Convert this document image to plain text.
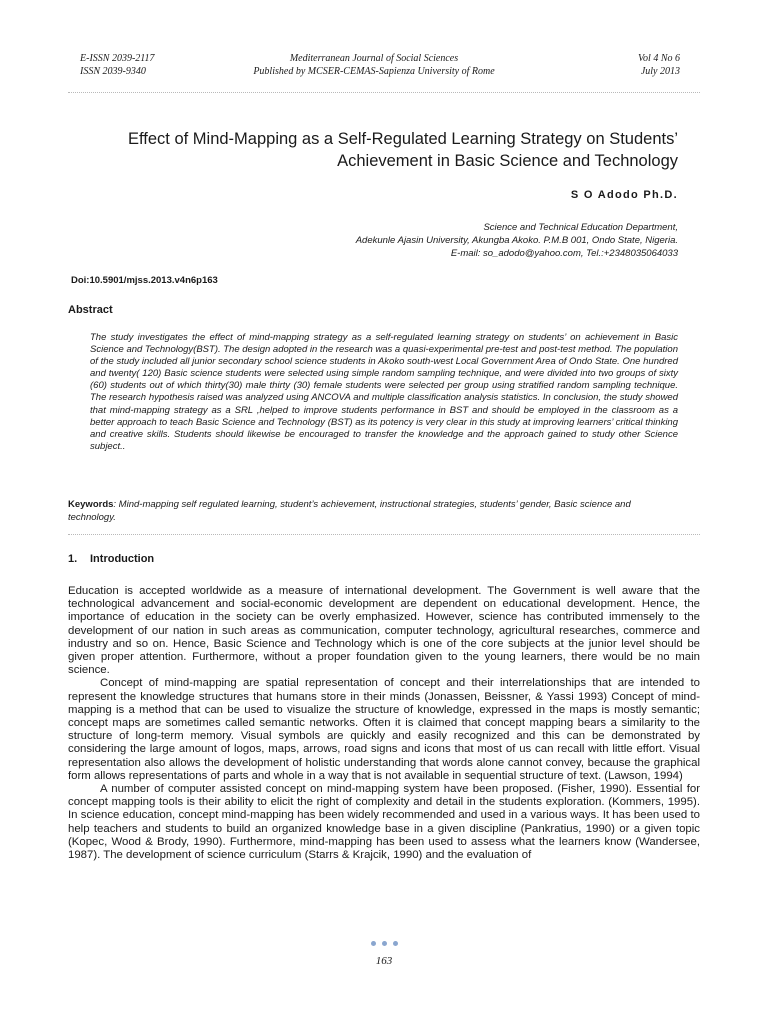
E-ISSN 2039-2117
ISSN 2039-9340
Mediterranean Journal of Social Sciences
Published by MCSER-CEMAS-Sapienza University of Rome
Vol 4 No 6
July 2013
Effect of Mind-Mapping as a Self-Regulated Learning Strategy on Students’
Achievement in Basic Science and Technology
S O Adodo Ph.D.
Science and Technical Education Department,
Adekunle Ajasin University, Akungba Akoko. P.M.B 001, Ondo State, Nigeria.
E-mail: so_adodo@yahoo.com, Tel.:+2348035064033
Doi:10.5901/mjss.2013.v4n6p163
Abstract
The study investigates the effect of mind-mapping strategy as a self-regulated learning strategy on students’ on achievement in Basic Science and Technology(BST). The design adopted in the research was a quasi-experimental pre-test and post-test method. The population of the study included all junior secondary school science students in Akoko south-west Local Government Area of Ondo State. One hundred and twenty( 120) Basic science students were selected using simple random sampling technique, and were divided into two groups of sixty (60) students out of which thirty(30) male thirty (30) female students were selected per group using stratified random sampling technique. The research hypothesis raised was analyzed using ANCOVA and multiple classification analysis statistics. In conclusion, the study showed that mind-mapping strategy as a SRL ,helped to improve students performance in BST and should be employed in the classroom as a better approach to teach Basic Science and Technology (BST) as its potency is very clear in this study at improving learners’ critical thinking and creative skills. Students should likewise be encouraged to transfer the knowledge and the approach gained to study other Science subject..
Keywords: Mind-mapping self regulated learning, student’s achievement, instructional strategies, students’ gender, Basic science and technology.
1. Introduction

Education is accepted worldwide as a measure of international development. The Government is well aware that the technological advancement and social-economic development are dependent on educational development. Hence, the importance of education in the society can be overly emphasized. However, science has contributed immensely to the development of our nation in such areas as communication, computer technology, agricultural researches, commerce and industry and so on. Hence, Basic Science and Technology which is one of the core subjects at the junior level should be given proper attention. Furthermore, without a proper foundation given to the young learners, there would be no main science.

Concept of mind-mapping are spatial representation of concept and their interrelationships that are intended to represent the knowledge structures that humans store in their minds (Jonassen, Beissner, & Yassi 1993) Concept of mind-mapping is a method that can be used to visualize the structure of knowledge, expressed in the maps is mostly semantic; concept maps are sometimes called semantic networks. Often it is claimed that concept mapping bears a similarity to the structure of long-term memory. Visual symbols are quickly and easily recognized and this can be demonstrated by considering the large amount of logos, maps, arrows, road signs and icons that most of us can recall with little effort. Visual representation also allows the development of holistic understanding that words alone cannot convey, because the graphical form allows representations of parts and whole in a way that is not available in sequential structure of text. (Lawson, 1994)

A number of computer assisted concept on mind-mapping system have been proposed. (Fisher, 1990). Essential for concept mapping tools is their ability to elicit the right of complexity and detail in the students exploration. (Kommers, 1995). In science education, concept mind-mapping has been widely recommended and used in a various ways. It has been used to help teachers and students to build an organized knowledge base in a given discipline (Pankratius, 1990) or a given topic (Kopec, Wood & Brody, 1990). Furthermore, mind-mapping has been used to assess what the learners know (Wandersee, 1987). The development of science curriculum (Starrs & Krajcik, 1990) and the evaluation of

163
